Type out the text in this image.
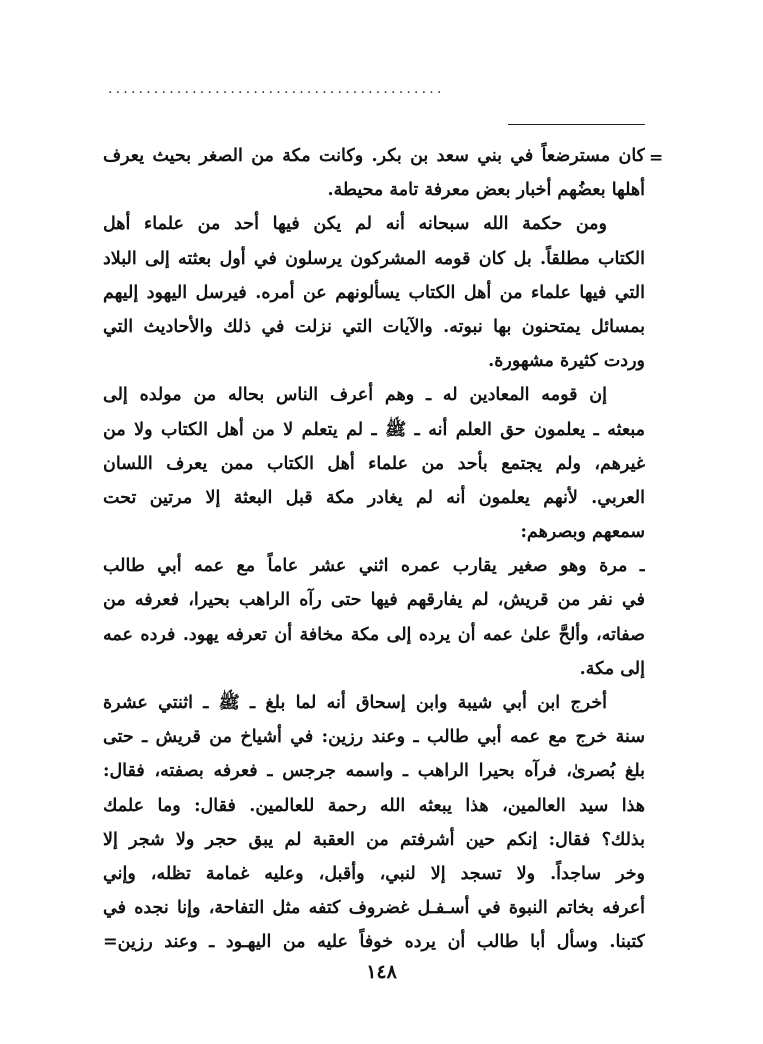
............................................
=
كان مسترضعاً في بني سعد بن بكر. وكانت مكة من الصغر بحيث يعرف
أهلها بعضُهم أخبار بعض معرفة تامة محيطة.
ومن حكمة الله سبحانه أنه لم يكن فيها أحد من علماء أهل
الكتاب مطلقاً. بل كان قومه المشركون يرسلون في أول بعثته إلى البلاد
التي فيها علماء من أهل الكتاب يسألونهم عن أمره. فيرسل اليهود إليهم
بمسائل يمتحنون بها نبوته. والآيات التي نزلت في ذلك والأحاديث التي
وردت كثيرة مشهورة.
إن قومه المعادين له ـ وهم أعرف الناس بحاله من مولده إلى
مبعثه ـ يعلمون حق العلم أنه ـ ﷺ ـ لم يتعلم لا من أهل الكتاب ولا من
غيرهم، ولم يجتمع بأحد من علماء أهل الكتاب ممن يعرف اللسان
العربي. لأنهم يعلمون أنه لم يغادر مكة قبل البعثة إلا مرتين تحت
سمعهم وبصرهم:
ـ مرة وهو صغير يقارب عمره اثني عشر عاماً مع عمه أبي طالب
في نفر من قريش، لم يفارقهم فيها حتى رآه الراهب بحيرا، فعرفه من
صفاته، وألحَّ علىٰ عمه أن يرده إلى مكة مخافة أن تعرفه يهود. فرده عمه
إلى مكة.
أخرج ابن أبي شيبة وابن إسحاق أنه لما بلغ ـ ﷺ ـ اثنتي عشرة
سنة خرج مع عمه أبي طالب ـ وعند رزين: في أشياخ من قريش ـ حتى
بلغ بُصرىٰ، فرآه بحيرا الراهب ـ واسمه جرجس ـ فعرفه بصفته، فقال:
هذا سيد العالمين، هذا يبعثه الله رحمة للعالمين. فقال: وما علمك
بذلك؟ فقال: إنكم حين أشرفتم من العقبة لم يبق حجر ولا شجر إلا
وخر ساجداً. ولا تسجد إلا لنبي، وأقبل، وعليه غمامة تظله، وإني
أعرفه بخاتم النبوة في أسـفـل غضروف كتفه مثل التفاحة، وإنا نجده في
كتبنا. وسأل أبا طالب أن يرده خوفاً عليه من اليهـود ـ وعند رزين=
١٤٨
